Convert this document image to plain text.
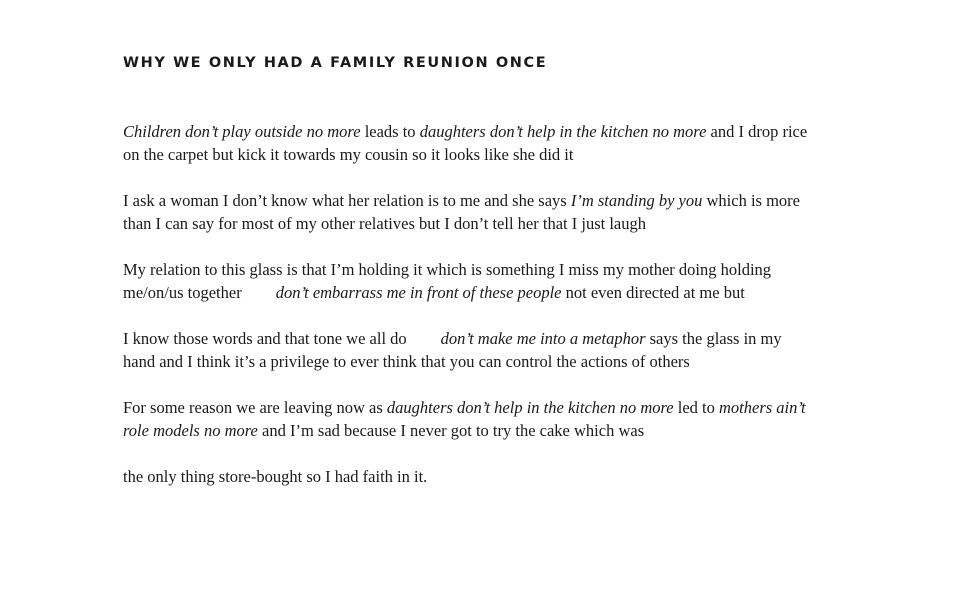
WHY WE ONLY HAD A FAMILY REUNION ONCE

Children don’t play outside no more leads to daughters don’t help in the kitchen no more and I drop rice
on the carpet but kick it towards my cousin so it looks like she did it

I ask a woman I don’t know what her relation is to me and she says I’m standing by you which is more
than I can say for most of my other relatives but I don’t tell her that I just laugh

My relation to this glass is that I’m holding it which is something I miss my mother doing holding
me/on/us together don’t embarrass me in front of these people not even directed at me but

I know those words and that tone we all do don’t make me into a metaphor says the glass in my
hand and I think it’s a privilege to ever think that you can control the actions of others

For some reason we are leaving now as daughters don’t help in the kitchen no more led to mothers ain’t
role models no more and I’m sad because I never got to try the cake which was

the only thing store-bought so I had faith in it.
